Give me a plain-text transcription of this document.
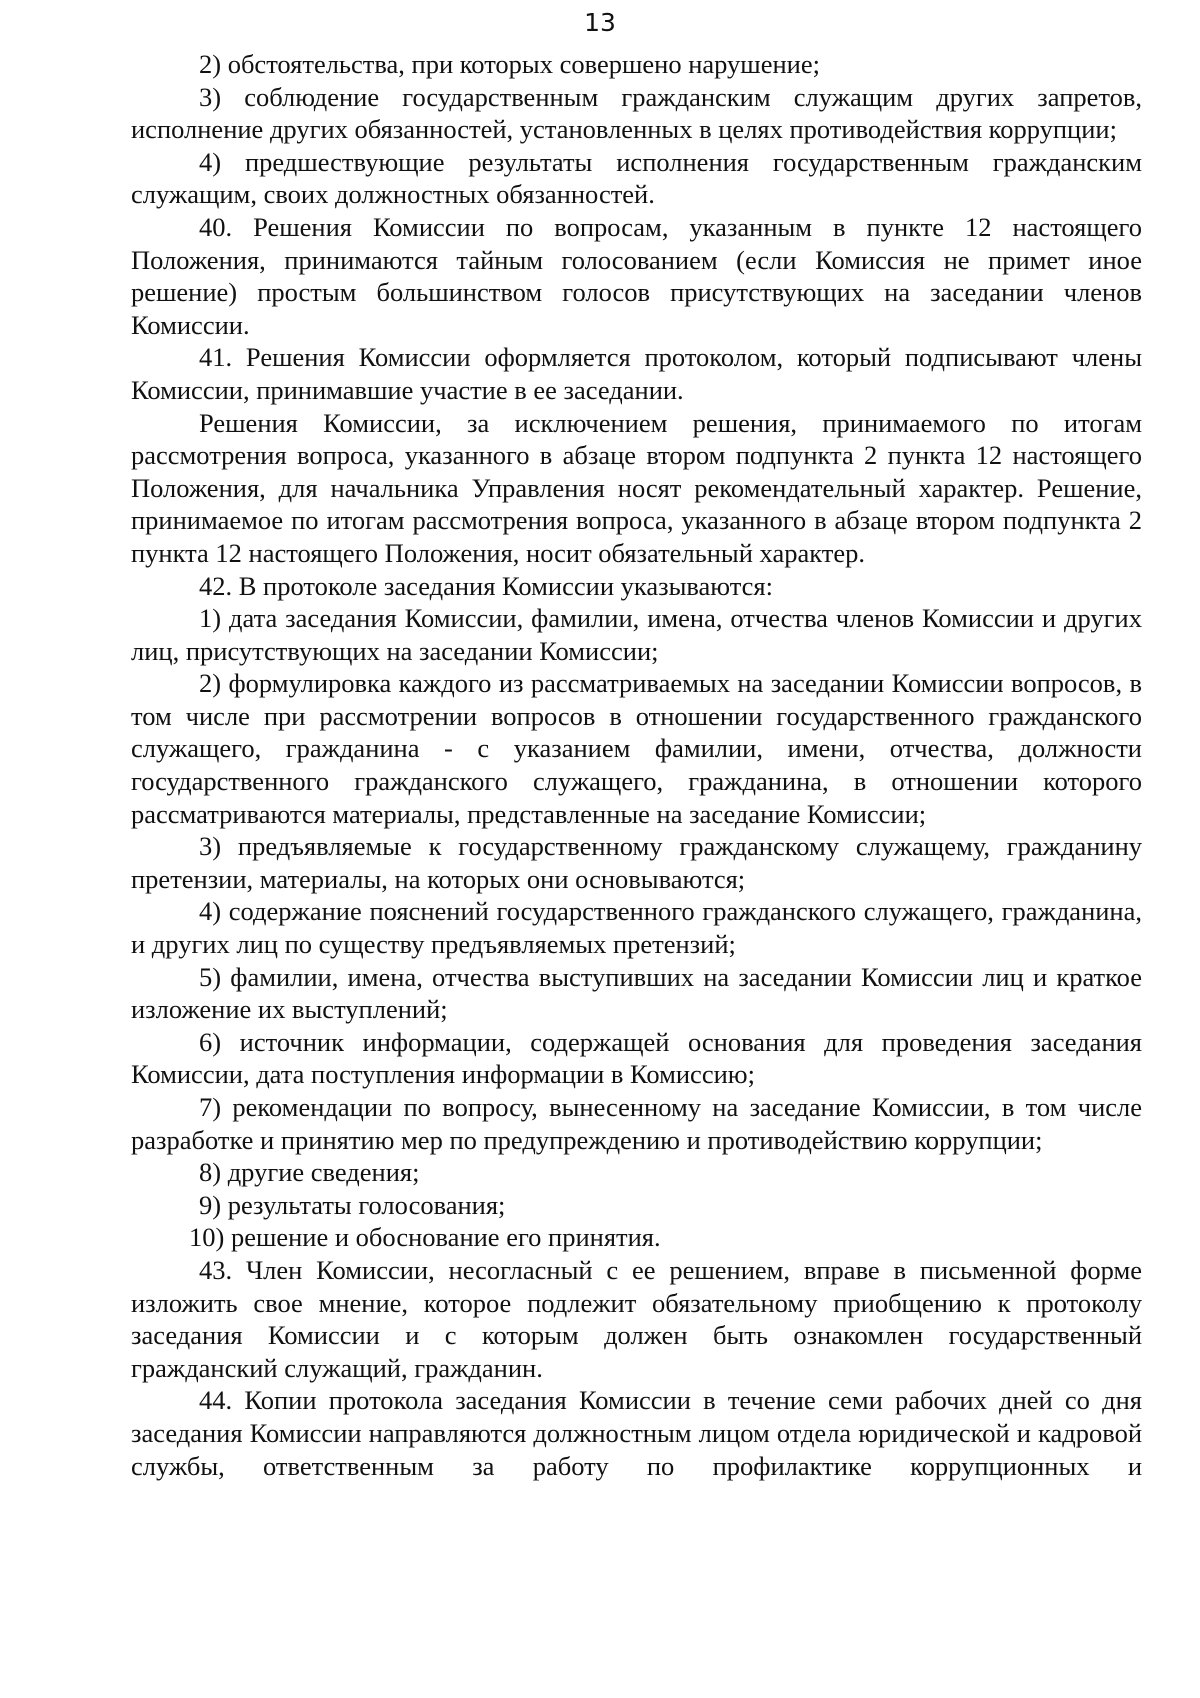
13

2) обстоятельства, при которых совершено нарушение;

3) соблюдение государственным гражданским служащим других запретов, исполнение других обязанностей, установленных в целях противодействия коррупции;

4) предшествующие результаты исполнения государственным гражданским служащим, своих должностных обязанностей.

40. Решения Комиссии по вопросам, указанным в пункте 12 настоящего Положения, принимаются тайным голосованием (если Комиссия не примет иное решение) простым большинством голосов присутствующих на заседании членов Комиссии.

41. Решения Комиссии оформляется протоколом, который подписывают члены Комиссии, принимавшие участие в ее заседании.

Решения Комиссии, за исключением решения, принимаемого по итогам рассмотрения вопроса, указанного в абзаце втором подпункта 2 пункта 12 настоящего Положения, для начальника Управления носят рекомендательный характер. Решение, принимаемое по итогам рассмотрения вопроса, указанного в абзаце втором подпункта 2 пункта 12 настоящего Положения, носит обязательный характер.

42. В протоколе заседания Комиссии указываются:

1) дата заседания Комиссии, фамилии, имена, отчества членов Комиссии и других лиц, присутствующих на заседании Комиссии;

2) формулировка каждого из рассматриваемых на заседании Комиссии вопросов, в том числе при рассмотрении вопросов в отношении государственного гражданского служащего, гражданина - с указанием фамилии, имени, отчества, должности государственного гражданского служащего, гражданина, в отношении которого рассматриваются материалы, представленные на заседание Комиссии;

3) предъявляемые к государственному гражданскому служащему, гражданину претензии, материалы, на которых они основываются;

4) содержание пояснений государственного гражданского служащего, гражданина, и других лиц по существу предъявляемых претензий;

5) фамилии, имена, отчества выступивших на заседании Комиссии лиц и краткое изложение их выступлений;

6) источник информации, содержащей основания для проведения заседания Комиссии, дата поступления информации в Комиссию;

7) рекомендации по вопросу, вынесенному на заседание Комиссии, в том числе разработке и принятию мер по предупреждению и противодействию коррупции;

8) другие сведения;

9) результаты голосования;

10) решение и обоснование его принятия.

43. Член Комиссии, несогласный с ее решением, вправе в письменной форме изложить свое мнение, которое подлежит обязательному приобщению к протоколу заседания Комиссии и с которым должен быть ознакомлен государственный гражданский служащий, гражданин.

44. Копии протокола заседания Комиссии в течение семи рабочих дней со дня заседания Комиссии направляются должностным лицом отдела юридической и кадровой службы, ответственным за работу по профилактике коррупционных и
